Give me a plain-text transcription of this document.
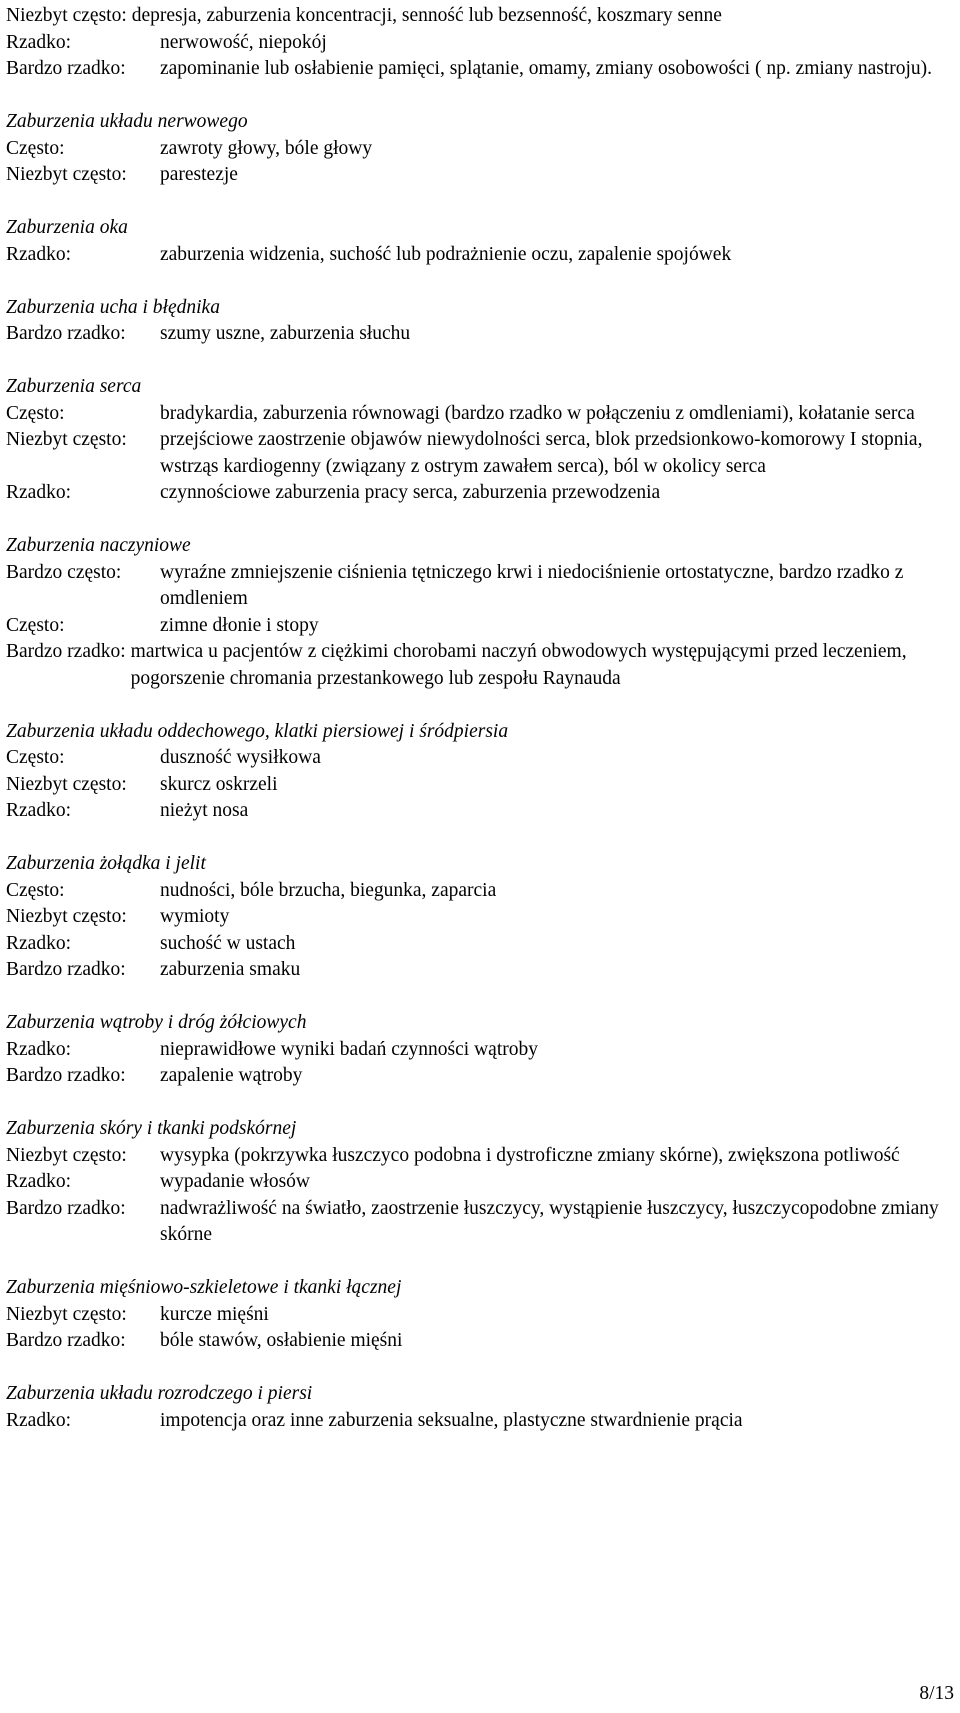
Niezbyt często: depresja, zaburzenia koncentracji, senność lub bezsenność, koszmary senne
Rzadko:	nerwowość, niepokój
Bardzo rzadko:	zapominanie lub osłabienie pamięci, splątanie, omamy, zmiany osobowości ( np. zmiany nastroju).
Zaburzenia układu nerwowego
Często:	zawroty głowy, bóle głowy
Niezbyt często:	parestezje
Zaburzenia oka
Rzadko:	zaburzenia widzenia, suchość lub podrażnienie oczu, zapalenie spojówek
Zaburzenia ucha i błędnika
Bardzo rzadko:	szumy uszne, zaburzenia słuchu
Zaburzenia serca
Często:	bradykardia, zaburzenia równowagi (bardzo rzadko w połączeniu z omdleniami), kołatanie serca
Niezbyt często:	przejściowe zaostrzenie objawów niewydolności serca, blok przedsionkowo-komorowy I stopnia, wstrząs kardiogenny (związany z ostrym zawałem serca), ból w okolicy serca
Rzadko:	czynnościowe zaburzenia pracy serca, zaburzenia przewodzenia
Zaburzenia naczyniowe
Bardzo często:	wyraźne zmniejszenie ciśnienia tętniczego krwi i niedociśnienie ortostatyczne, bardzo rzadko z omdleniem
Często:	zimne dłonie i stopy
Bardzo rzadko: martwica u pacjentów z ciężkimi chorobami naczyń obwodowych występującymi przed leczeniem, pogorszenie chromania przestankowego lub zespołu Raynauda
Zaburzenia układu oddechowego, klatki piersiowej i śródpiersia
Często:	duszność wysiłkowa
Niezbyt często:	skurcz oskrzeli
Rzadko:	nieżyt nosa
Zaburzenia żołądka i jelit
Często:	nudności, bóle brzucha, biegunka, zaparcia
Niezbyt często:	wymioty
Rzadko:	suchość w ustach
Bardzo rzadko:	zaburzenia smaku
Zaburzenia wątroby i dróg żółciowych
Rzadko:	nieprawidłowe wyniki badań czynności wątroby
Bardzo rzadko:	zapalenie wątroby
Zaburzenia skóry i tkanki podskórnej
Niezbyt często:	wysypka (pokrzywka łuszczyco podobna i dystroficzne zmiany skórne), zwiększona potliwość
Rzadko:	wypadanie włosów
Bardzo rzadko:	nadwrażliwość na światło, zaostrzenie łuszczycy, wystąpienie łuszczycy, łuszczycopodobne zmiany skórne
Zaburzenia mięśniowo-szkieletowe i tkanki łącznej
Niezbyt często:	kurcze mięśni
Bardzo rzadko:	bóle stawów, osłabienie mięśni
Zaburzenia układu rozrodczego i piersi
Rzadko:	impotencja oraz inne zaburzenia seksualne, plastyczne stwardnienie prącia
8/13
